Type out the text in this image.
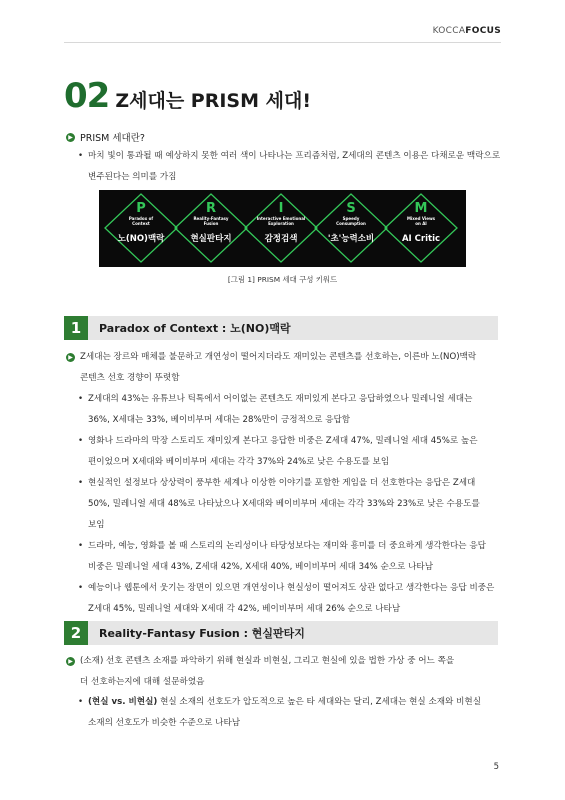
KOCCAFOCUS
02 Z세대는 PRISM 세대!
▶ PRISM 세대란?
• 마치 빛이 통과될 때 예상하지 못한 여러 색이 나타나는 프리즘처럼, Z세대의 콘텐츠 이용은 다채로운 맥락으로
변주된다는 의미를 가짐
P	R	I	S	M
Paradox of
Context
Reality-Fantasy
Fusion
Interactive Emotional
Exploration
Speedy
Consumption
Mixed Views
on AI
노(NO)맥락	현실판타지	감정검색	'초'능력소비	AI Critic
[그림 1] PRISM 세대 구성 키워드
1	Paradox of Context : 노(NO)맥락
▶ Z세대는 장르와 매체를 불문하고 개연성이 떨어지더라도 재미있는 콘텐츠를 선호하는, 이른바 노(NO)맥락
콘텐츠 선호 경향이 뚜렷함
• Z세대의 43%는 유튜브나 틱톡에서 어이없는 콘텐츠도 재미있게 본다고 응답하였으나 밀레니얼 세대는
36%, X세대는 33%, 베이비부머 세대는 28%만이 긍정적으로 응답함
• 영화나 드라마의 막장 스토리도 재미있게 본다고 응답한 비중은 Z세대 47%, 밀레니얼 세대 45%로 높은
편이었으며 X세대와 베이비부머 세대는 각각 37%와 24%로 낮은 수용도를 보임
• 현실적인 설정보다 상상력이 풍부한 세계나 이상한 이야기를 포함한 게임을 더 선호한다는 응답은 Z세대
50%, 밀레니얼 세대 48%로 나타났으나 X세대와 베이비부머 세대는 각각 33%와 23%로 낮은 수용도를
보임
• 드라마, 예능, 영화를 볼 때 스토리의 논리성이나 타당성보다는 재미와 흥미를 더 중요하게 생각한다는 응답
비중은 밀레니얼 세대 43%, Z세대 42%, X세대 40%, 베이비부머 세대 34% 순으로 나타남
• 예능이나 웹툰에서 웃기는 장면이 있으면 개연성이나 현실성이 떨어져도 상관 없다고 생각한다는 응답 비중은
Z세대 45%, 밀레니얼 세대와 X세대 각 42%, 베이비부머 세대 26% 순으로 나타남
2	Reality-Fantasy Fusion : 현실판타지
▶ (소재) 선호 콘텐츠 소재를 파악하기 위해 현실과 비현실, 그리고 현실에 있을 법한 가상 중 어느 쪽을
더 선호하는지에 대해 설문하였음
• (현실 vs. 비현실) 현실 소재의 선호도가 압도적으로 높은 타 세대와는 달리, Z세대는 현실 소재와 비현실
소재의 선호도가 비슷한 수준으로 나타남
5
